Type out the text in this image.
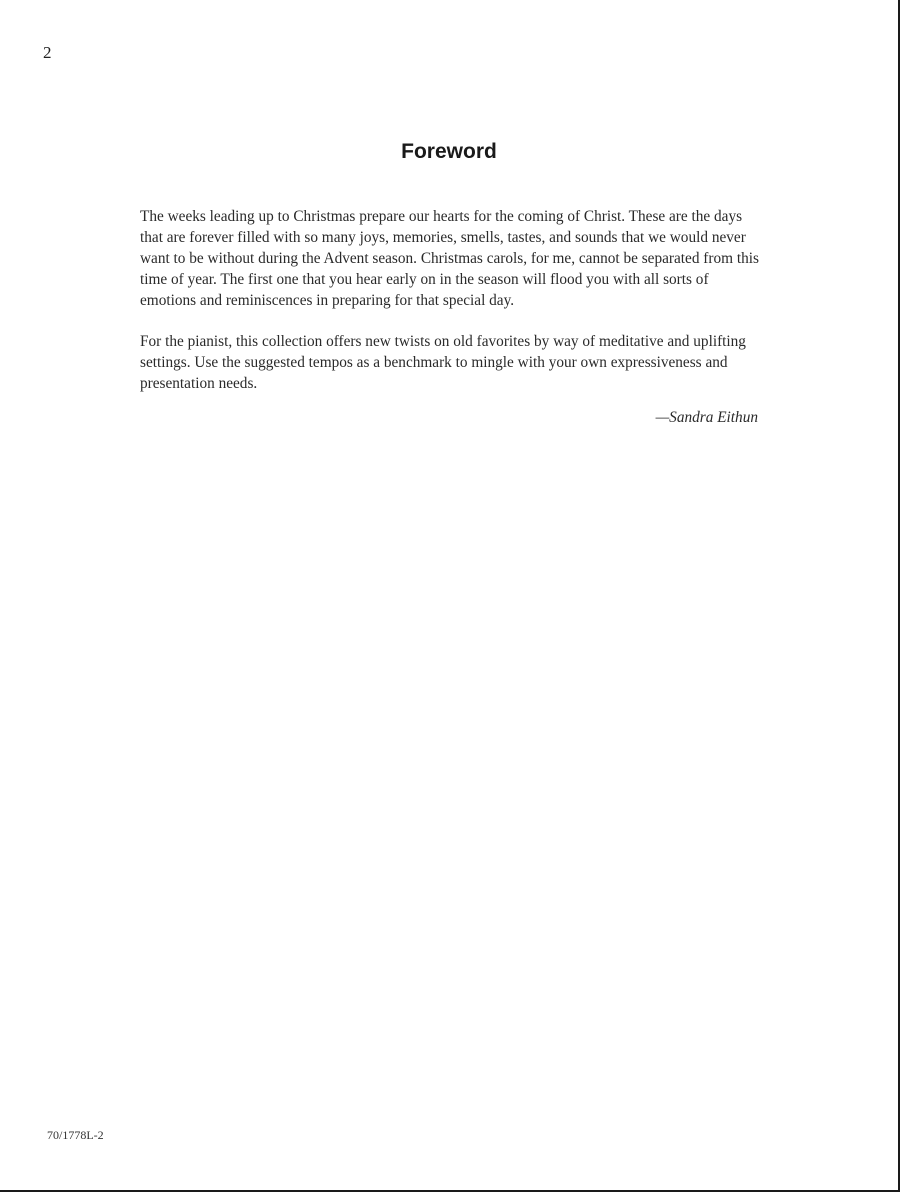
2
Foreword

The weeks leading up to Christmas prepare our hearts for the coming of Christ. These are the days that are forever filled with so many joys, memories, smells, tastes, and sounds that we would never want to be without during the Advent season. Christmas carols, for me, cannot be separated from this time of year. The first one that you hear early on in the season will flood you with all sorts of emotions and reminiscences in preparing for that special day.

For the pianist, this collection offers new twists on old favorites by way of meditative and uplifting settings. Use the suggested tempos as a benchmark to mingle with your own expressiveness and presentation needs.

—Sandra Eithun
70/1778L-2
